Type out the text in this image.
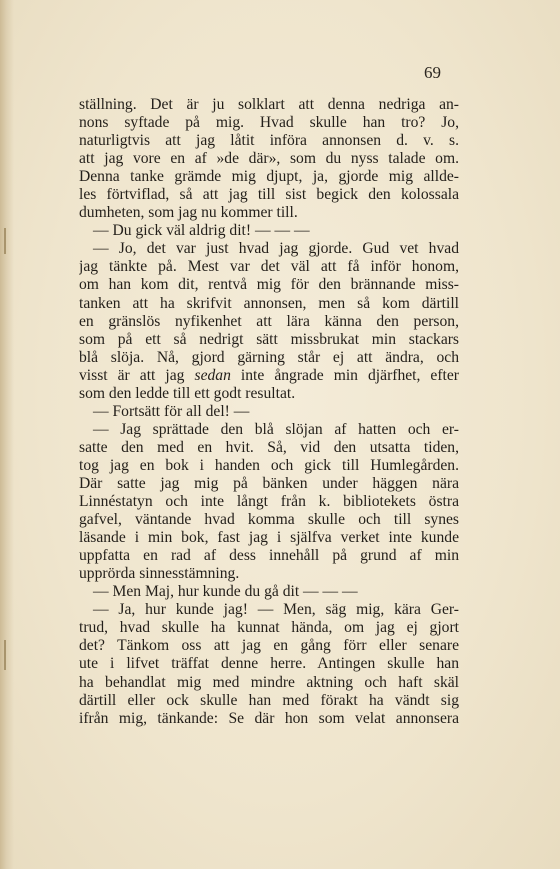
69
ställning. Det är ju solklart att denna nedriga an-
nons syftade på mig. Hvad skulle han tro? Jo,
naturligtvis att jag låtit införa annonsen d. v. s.
att jag vore en af »de där», som du nyss talade om.
Denna tanke grämde mig djupt, ja, gjorde mig allde-
les förtviflad, så att jag till sist begick den kolossala
dumheten, som jag nu kommer till.
— Du gick väl aldrig dit! — — —
— Jo, det var just hvad jag gjorde. Gud vet hvad
jag tänkte på. Mest var det väl att få inför honom,
om han kom dit, rentvå mig för den brännande miss-
tanken att ha skrifvit annonsen, men så kom därtill
en gränslös nyfikenhet att lära känna den person,
som på ett så nedrigt sätt missbrukat min stackars
blå slöja. Nå, gjord gärning står ej att ändra, och
visst är att jag sedan inte ångrade min djärfhet, efter
som den ledde till ett godt resultat.
— Fortsätt för all del! —
— Jag sprättade den blå slöjan af hatten och er-
satte den med en hvit. Så, vid den utsatta tiden,
tog jag en bok i handen och gick till Humlegården.
Där satte jag mig på bänken under häggen nära
Linnéstatyn och inte långt från k. bibliotekets östra
gafvel, väntande hvad komma skulle och till synes
läsande i min bok, fast jag i själfva verket inte kunde
uppfatta en rad af dess innehåll på grund af min
upprörda sinnesstämning.
— Men Maj, hur kunde du gå dit — — —
— Ja, hur kunde jag! — Men, säg mig, kära Ger-
trud, hvad skulle ha kunnat hända, om jag ej gjort
det? Tänkom oss att jag en gång förr eller senare
ute i lifvet träffat denne herre. Antingen skulle han
ha behandlat mig med mindre aktning och haft skäl
därtill eller ock skulle han med förakt ha vändt sig
ifrån mig, tänkande: Se där hon som velat annonsera
